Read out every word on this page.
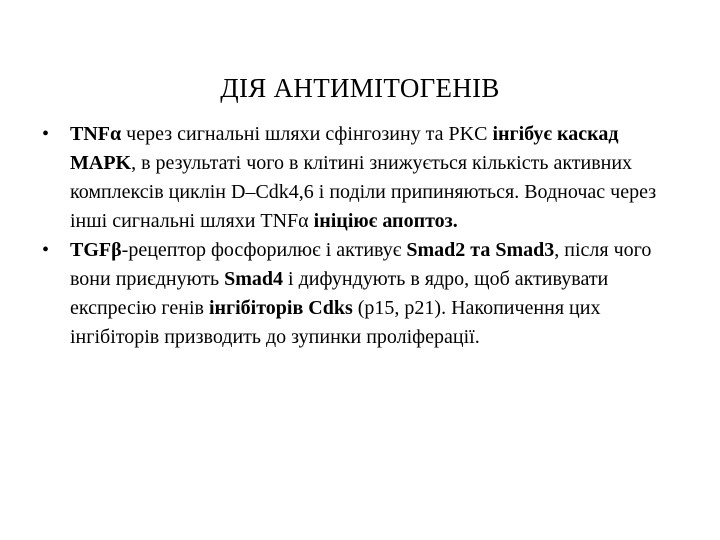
ДІЯ АНТИМІТОГЕНІВ
• TNFα через сигнальні шляхи сфінгозину та PKC інгібує каскад MAPK, в результаті чого в клітині знижується кількість активних комплексів циклін D–Cdk4,6 і поділи припиняються. Водночас через інші сигнальні шляхи TNFα ініціює апоптоз.
• TGFβ-рецептор фосфорилює і активує Smad2 та Smad3, після чого вони приєднують Smad4 і дифундують в ядро, щоб активувати експресію генів інгібіторів Cdks (p15, p21). Накопичення цих інгібіторів призводить до зупинки проліферації.
